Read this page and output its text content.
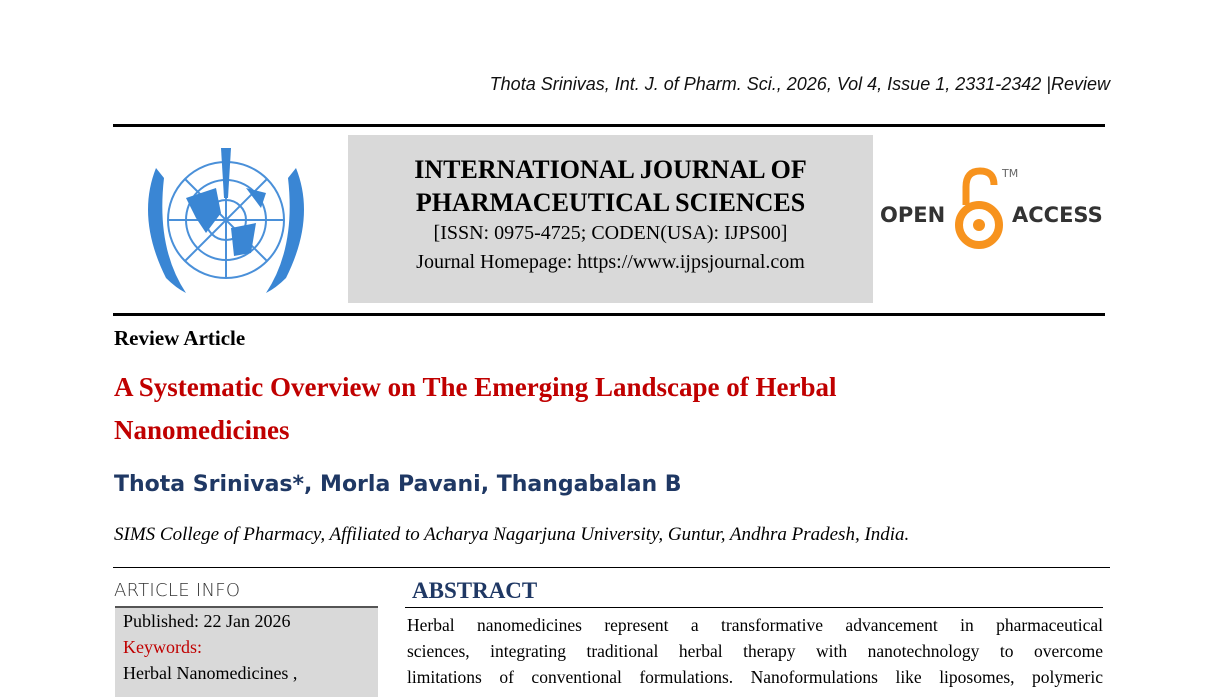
Thota Srinivas, Int. J. of Pharm. Sci., 2026, Vol 4, Issue 1, 2331-2342 |Review
INTERNATIONAL JOURNAL OF
PHARMACEUTICAL SCIENCES
[ISSN: 0975-4725; CODEN(USA): IJPS00]
Journal Homepage: https://www.ijpsjournal.com
OPEN
TM
ACCESS
Review Article
A Systematic Overview on The Emerging Landscape of Herbal Nanomedicines
Thota Srinivas*, Morla Pavani, Thangabalan B
SIMS College of Pharmacy, Affiliated to Acharya Nagarjuna University, Guntur, Andhra Pradesh, India.
ARTICLE INFO
Published: 22 Jan 2026
Keywords:
Herbal Nanomedicines ,
ABSTRACT
Herbal nanomedicines represent a transformative advancement in pharmaceutical
sciences, integrating traditional herbal therapy with nanotechnology to overcome
limitations of conventional formulations. Nanoformulations like liposomes, polymeric
